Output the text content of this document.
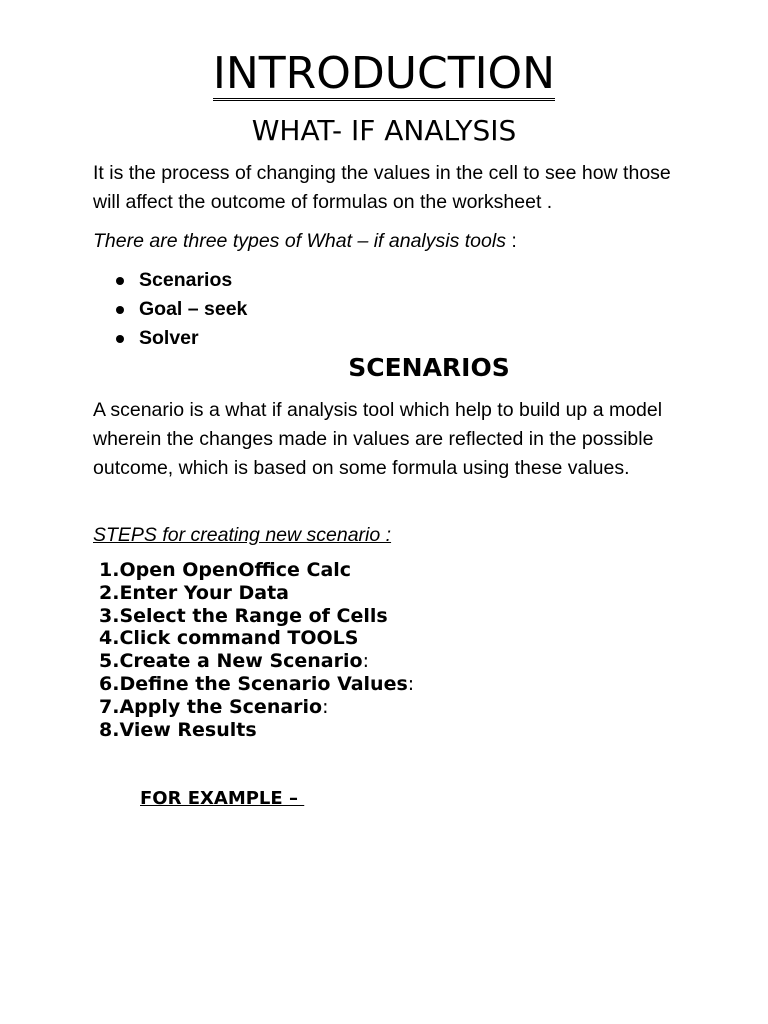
INTRODUCTION
WHAT- IF ANALYSIS

It is the process of changing the values in the cell to see how those will affect the outcome of formulas on the worksheet .

There are three types of What – if analysis tools :

Scenarios
Goal – seek
Solver
SCENARIOS

A scenario is a what if analysis tool which help to build up a model wherein the changes made in values are reflected in the possible outcome, which is based on some formula using these values.

STEPS for creating new scenario :

1.Open OpenOffice Calc
2.Enter Your Data
3.Select the Range of Cells
4.Click command TOOLS
5.Create a New Scenario:
6.Define the Scenario Values:
7.Apply the Scenario:
8.View Results

FOR EXAMPLE –
